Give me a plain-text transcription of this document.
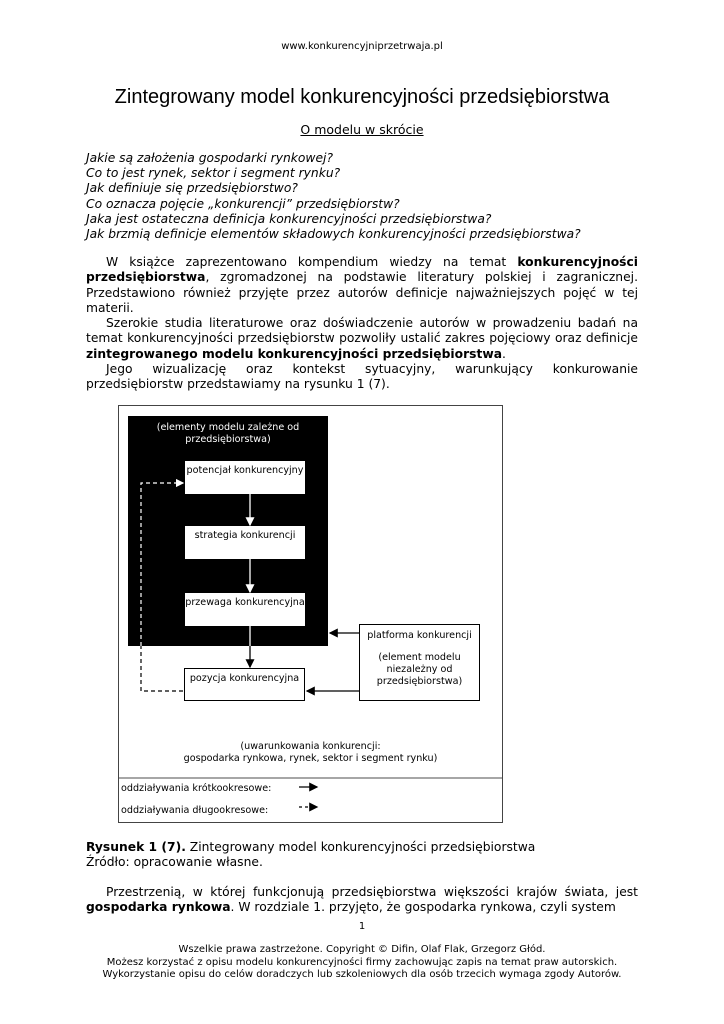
www.konkurencyjniprzetrwaja.pl
Zintegrowany model konkurencyjności przedsiębiorstwa
O modelu w skrócie
Jakie są założenia gospodarki rynkowej?
Co to jest rynek, sektor i segment rynku?
Jak definiuje się przedsiębiorstwo?
Co oznacza pojęcie „konkurencji” przedsiębiorstw?
Jaka jest ostateczna definicja konkurencyjności przedsiębiorstwa?
Jak brzmią definicje elementów składowych konkurencyjności przedsiębiorstwa?

W książce zaprezentowano kompendium wiedzy na temat konkurencyjności przedsiębiorstwa, zgromadzonej na podstawie literatury polskiej i zagranicznej. Przedstawiono również przyjęte przez autorów definicje najważniejszych pojęć w tej materii.

Szerokie studia literaturowe oraz doświadczenie autorów w prowadzeniu badań na temat konkurencyjności przedsiębiorstw pozwoliły ustalić zakres pojęciowy oraz definicje zintegrowanego modelu konkurencyjności przedsiębiorstwa.

Jego wizualizację oraz kontekst sytuacyjny, warunkujący konkurowanie

przedsiębiorstw przedstawiamy na rysunku 1 (7).

(elementy modelu zależne od przedsiębiorstwa)
potencjał konkurencyjny
strategia konkurencji
przewaga konkurencyjna
pozycja konkurencyjna
platforma konkurencji
(element modelu niezależny od przedsiębiorstwa)
(uwarunkowania konkurencji:
gospodarka rynkowa, rynek, sektor i segment rynku)
oddziaływania krótkookresowe:
oddziaływania długookresowe:
Rysunek 1 (7). Zintegrowany model konkurencyjności przedsiębiorstwa
Źródło: opracowanie własne.

Przestrzenią, w której funkcjonują przedsiębiorstwa większości krajów świata, jest gospodarka rynkowa. W rozdziale 1. przyjęto, że gospodarka rynkowa, czyli system

1
Wszelkie prawa zastrzeżone. Copyright © Difin, Olaf Flak, Grzegorz Głód.
Możesz korzystać z opisu modelu konkurencyjności firmy zachowując zapis na temat praw autorskich.
Wykorzystanie opisu do celów doradczych lub szkoleniowych dla osób trzecich wymaga zgody Autorów.
